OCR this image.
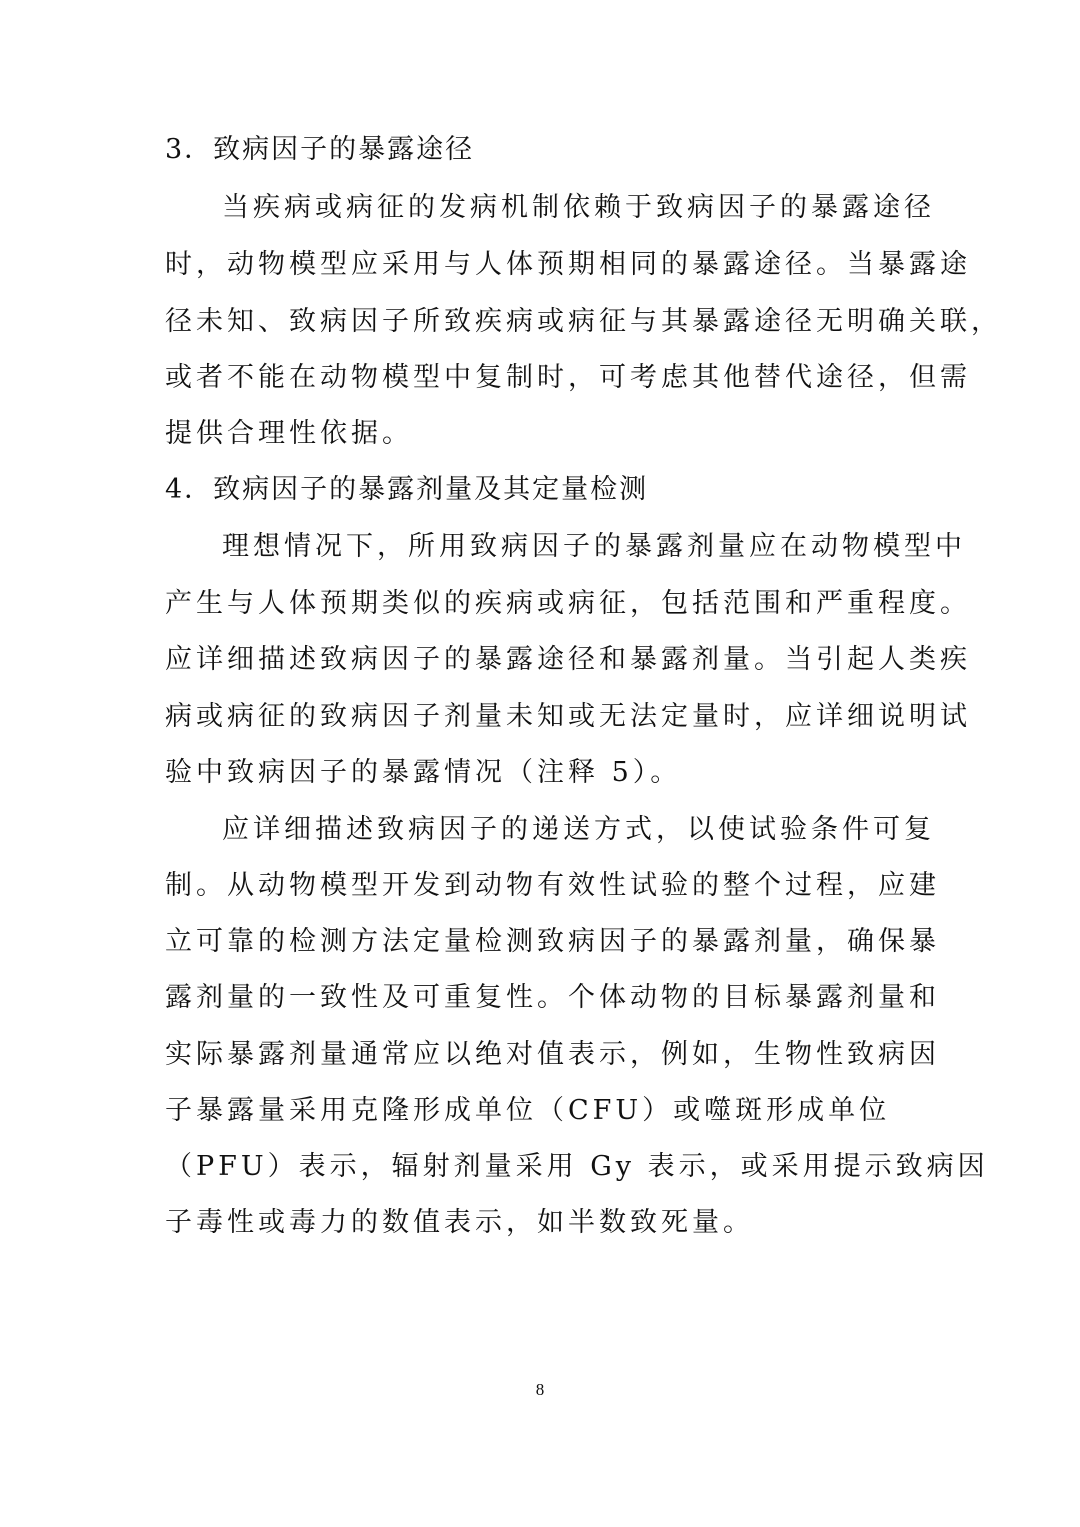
3．致病因子的暴露途径
当疾病或病征的发病机制依赖于致病因子的暴露途径
时，动物模型应采用与人体预期相同的暴露途径。当暴露途
径未知、致病因子所致疾病或病征与其暴露途径无明确关联，
或者不能在动物模型中复制时，可考虑其他替代途径，但需
提供合理性依据。
4．致病因子的暴露剂量及其定量检测
理想情况下，所用致病因子的暴露剂量应在动物模型中
产生与人体预期类似的疾病或病征，包括范围和严重程度。
应详细描述致病因子的暴露途径和暴露剂量。当引起人类疾
病或病征的致病因子剂量未知或无法定量时，应详细说明试
验中致病因子的暴露情况（注释 5）。
应详细描述致病因子的递送方式，以使试验条件可复
制。从动物模型开发到动物有效性试验的整个过程，应建
立可靠的检测方法定量检测致病因子的暴露剂量，确保暴
露剂量的一致性及可重复性。个体动物的目标暴露剂量和
实际暴露剂量通常应以绝对值表示，例如，生物性致病因
子暴露量采用克隆形成单位（CFU）或噬斑形成单位
（PFU）表示，辐射剂量采用 Gy 表示，或采用提示致病因
子毒性或毒力的数值表示，如半数致死量。
8
